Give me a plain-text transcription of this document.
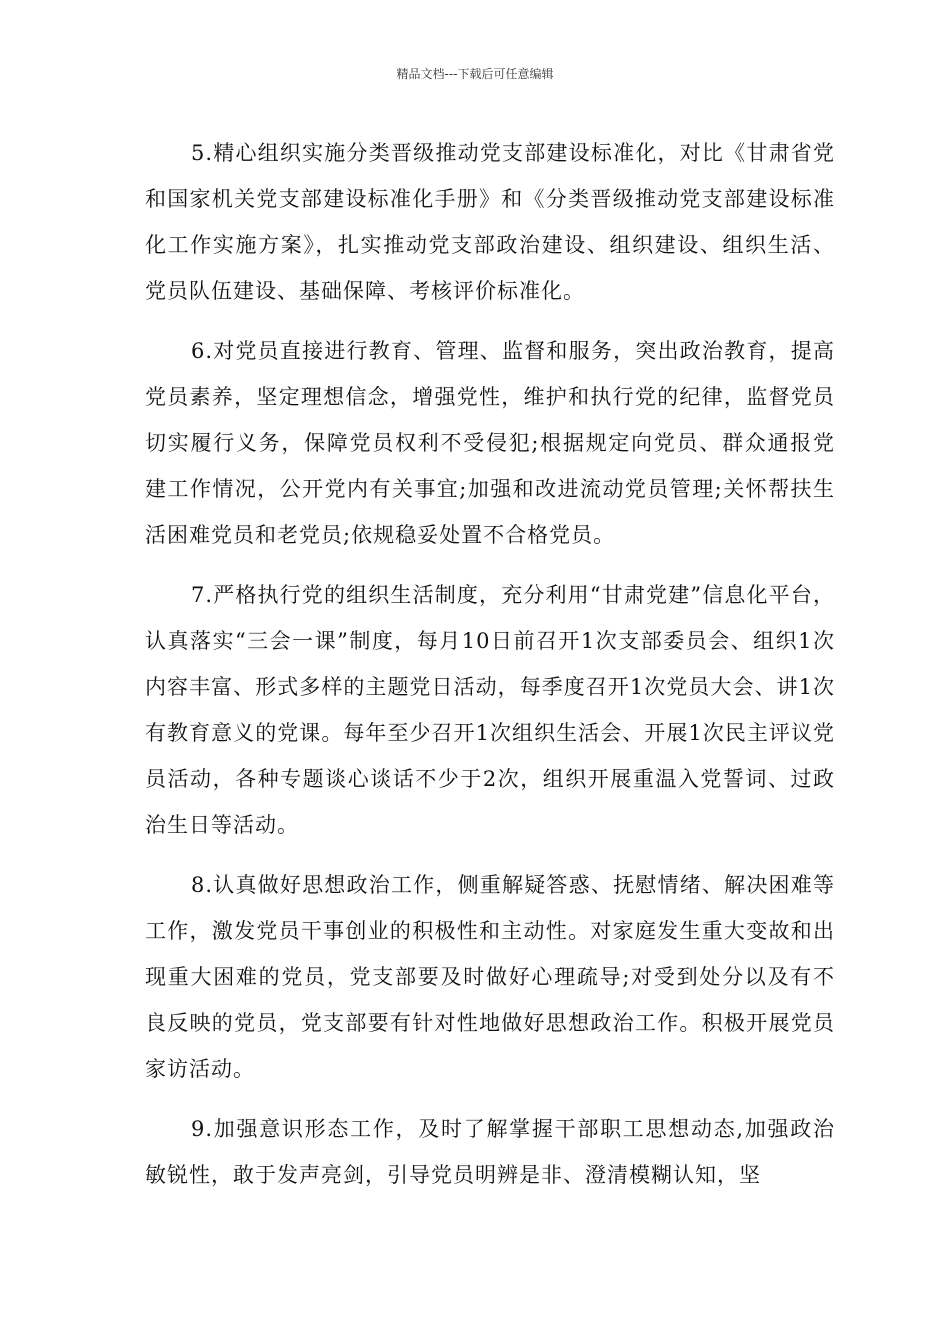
精品文档---下载后可任意编辑

5.精心组织实施分类晋级推动党支部建设标准化，对比《甘肃省党和国家机关党支部建设标准化手册》和《分类晋级推动党支部建设标准化工作实施方案》，扎实推动党支部政治建设、组织建设、组织生活、党员队伍建设、基础保障、考核评价标准化。

6.对党员直接进行教育、管理、监督和服务，突出政治教育，提高党员素养，坚定理想信念，增强党性，维护和执行党的纪律，监督党员切实履行义务，保障党员权利不受侵犯;根据规定向党员、群众通报党建工作情况，公开党内有关事宜;加强和改进流动党员管理;关怀帮扶生活困难党员和老党员;依规稳妥处置不合格党员。

7.严格执行党的组织生活制度，充分利用“甘肃党建”信息化平台，认真落实“三会一课”制度，每月10日前召开1次支部委员会、组织1次内容丰富、形式多样的主题党日活动，每季度召开1次党员大会、讲1次有教育意义的党课。每年至少召开1次组织生活会、开展1次民主评议党员活动，各种专题谈心谈话不少于2次，组织开展重温入党誓词、过政治生日等活动。

8.认真做好思想政治工作，侧重解疑答惑、抚慰情绪、解决困难等工作，激发党员干事创业的积极性和主动性。对家庭发生重大变故和出现重大困难的党员，党支部要及时做好心理疏导;对受到处分以及有不良反映的党员，党支部要有针对性地做好思想政治工作。积极开展党员家访活动。

9.加强意识形态工作，及时了解掌握干部职工思想动态,加强政治敏锐性，敢于发声亮剑，引导党员明辨是非、澄清模糊认知，坚
